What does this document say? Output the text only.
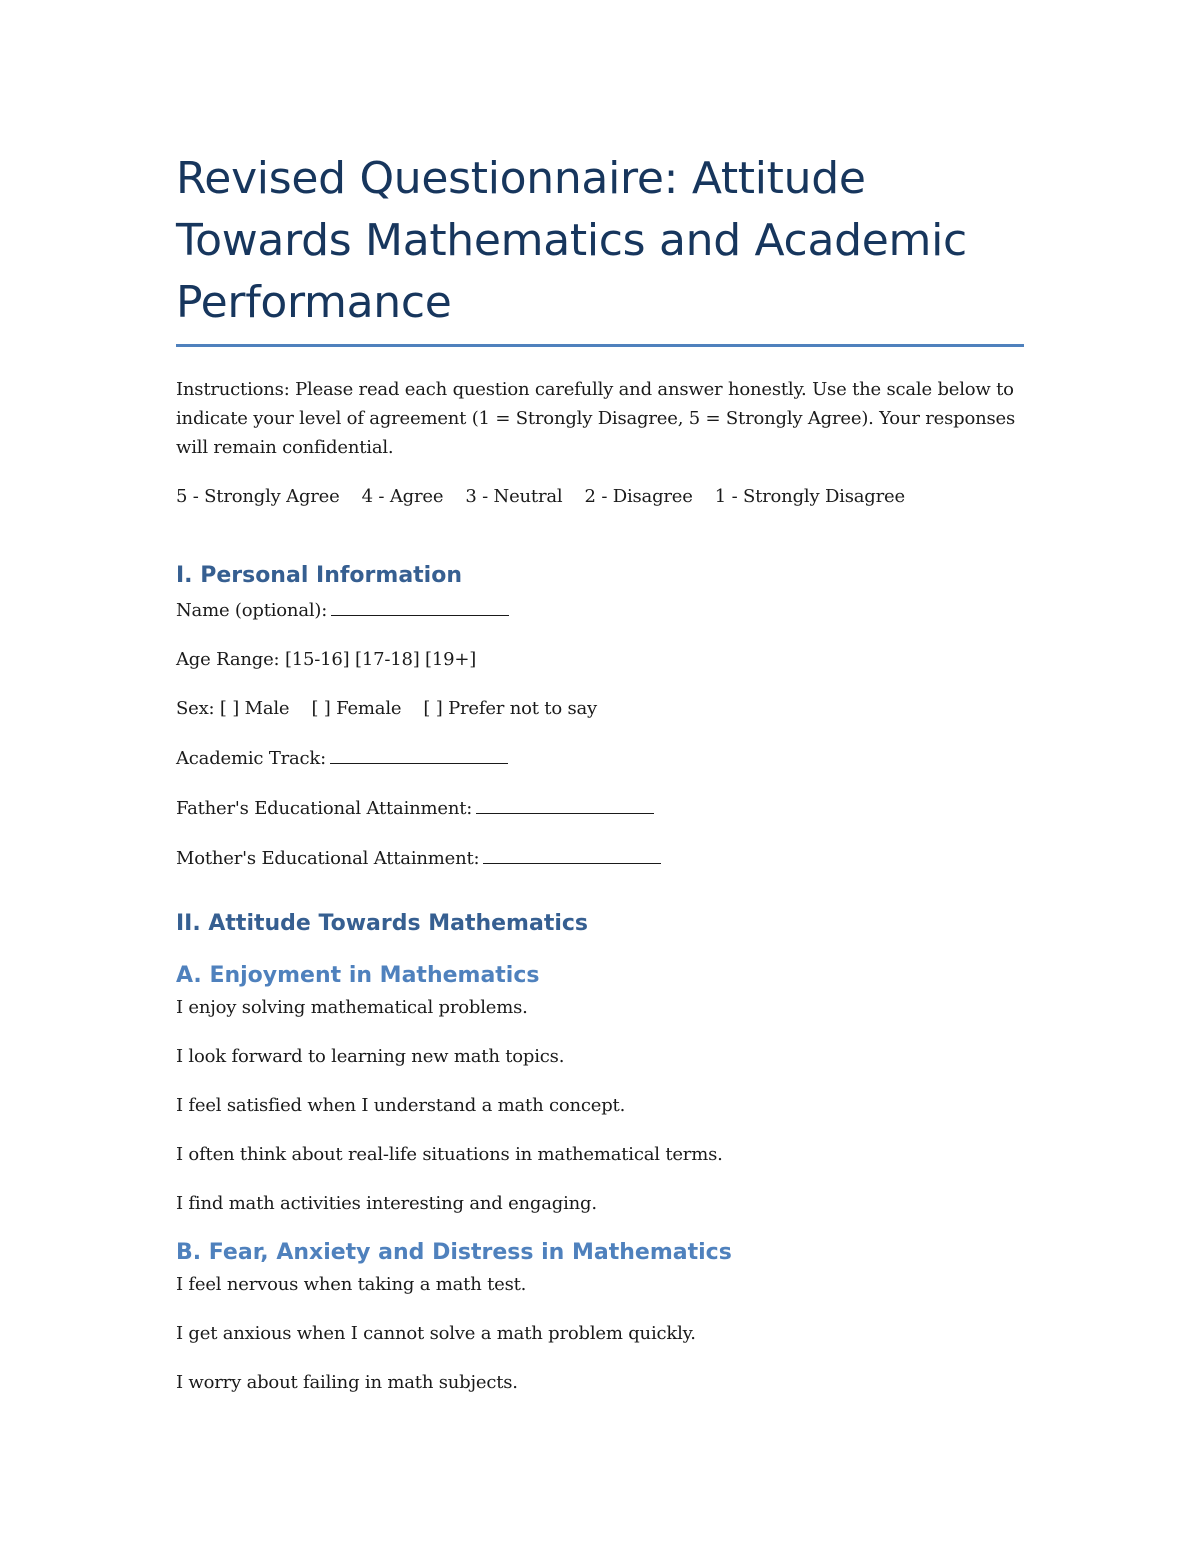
Revised Questionnaire: Attitude Towards Mathematics and Academic Performance

Instructions: Please read each question carefully and answer honestly. Use the scale below to indicate your level of agreement (1 = Strongly Disagree, 5 = Strongly Agree). Your responses will remain confidential.

5 - Strongly Agree    4 - Agree    3 - Neutral    2 - Disagree    1 - Strongly Disagree

I. Personal Information

Name (optional):

Age Range: [15-16] [17-18] [19+]

Sex: [ ] Male    [ ] Female    [ ] Prefer not to say

Academic Track:

Father's Educational Attainment:

Mother's Educational Attainment:

II. Attitude Towards Mathematics
A. Enjoyment in Mathematics

I enjoy solving mathematical problems.

I look forward to learning new math topics.

I feel satisfied when I understand a math concept.

I often think about real-life situations in mathematical terms.

I find math activities interesting and engaging.

B. Fear, Anxiety and Distress in Mathematics

I feel nervous when taking a math test.

I get anxious when I cannot solve a math problem quickly.

I worry about failing in math subjects.
